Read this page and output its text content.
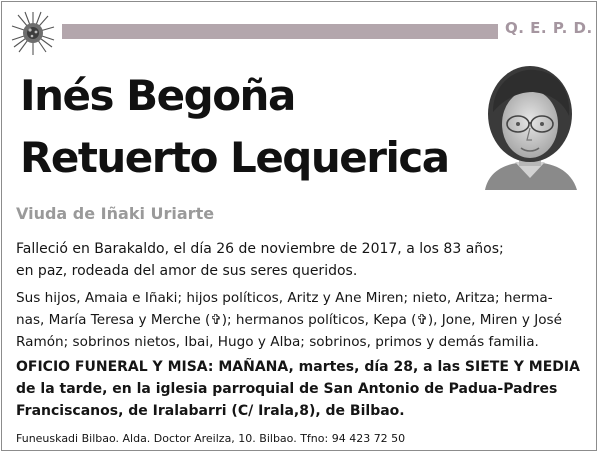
Q. E. P. D.
Inés Begoña
Retuerto Lequerica
Viuda de Iñaki Uriarte
Falleció en Barakaldo, el día 26 de noviembre de 2017, a los 83 años;
en paz, rodeada del amor de sus seres queridos.
Sus hijos, Amaia e Iñaki; hijos políticos, Aritz y Ane Miren; nieto, Aritza; herma-
nas, María Teresa y Merche (✞); hermanos políticos, Kepa (✞), Jone, Miren y José
Ramón; sobrinos nietos, Ibai, Hugo y Alba; sobrinos, primos y demás familia.
OFICIO FUNERAL Y MISA: MAÑANA, martes, día 28, a las SIETE Y MEDIA
de la tarde, en la iglesia parroquial de San Antonio de Padua-Padres
Franciscanos, de Iralabarri (C/ Irala,8), de Bilbao.
Funeuskadi Bilbao. Alda. Doctor Areilza, 10. Bilbao. Tfno: 94 423 72 50
